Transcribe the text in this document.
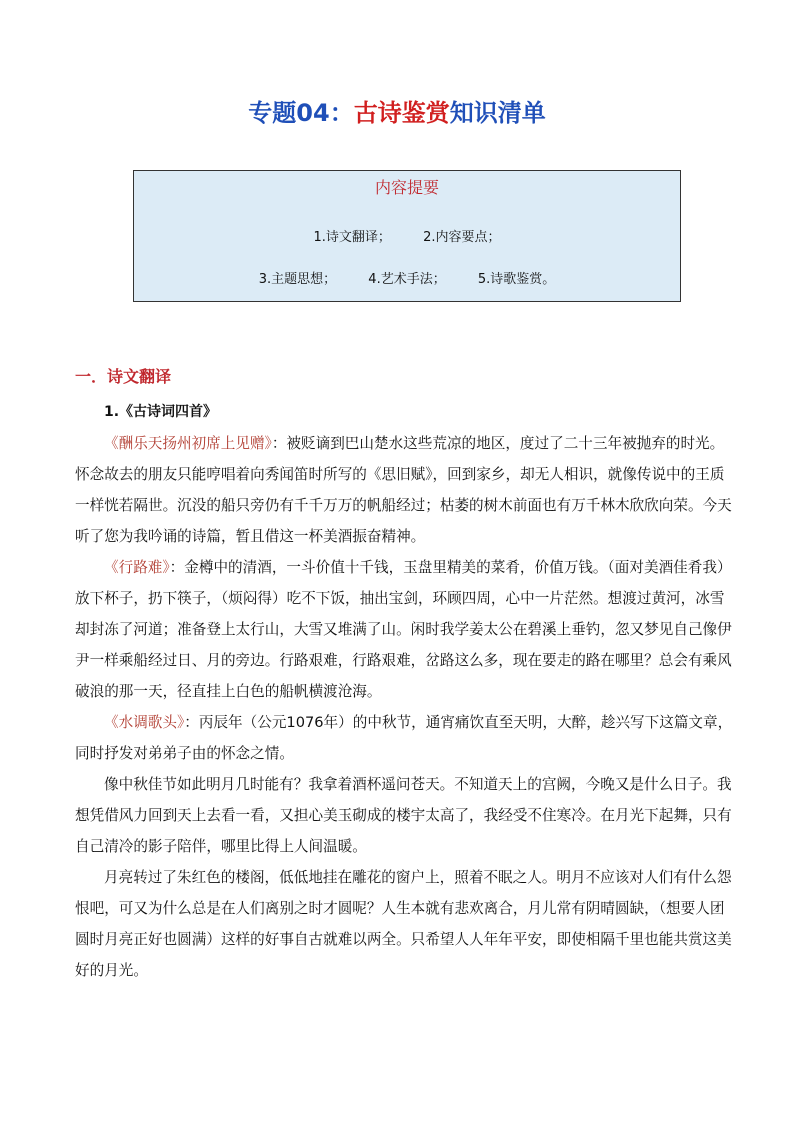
专题04：古诗鉴赏知识清单
内容提要
1.诗文翻译； 2.内容要点；
3.主题思想； 4.艺术手法； 5.诗歌鉴赏。
一．诗文翻译
1.《古诗词四首》

《酬乐天扬州初席上见赠》：被贬谪到巴山楚水这些荒凉的地区，度过了二十三年被抛弃的时光。怀念故去的朋友只能哼唱着向秀闻笛时所写的《思旧赋》，回到家乡，却无人相识，就像传说中的王质一样恍若隔世。沉没的船只旁仍有千千万万的帆船经过；枯萎的树木前面也有万千林木欣欣向荣。今天听了您为我吟诵的诗篇，暂且借这一杯美酒振奋精神。

《行路难》：金樽中的清酒，一斗价值十千钱，玉盘里精美的菜肴，价值万钱。（面对美酒佳肴我）放下杯子，扔下筷子，（烦闷得）吃不下饭，抽出宝剑，环顾四周，心中一片茫然。想渡过黄河，冰雪却封冻了河道；准备登上太行山，大雪又堆满了山。闲时我学姜太公在碧溪上垂钓，忽又梦见自己像伊尹一样乘船经过日、月的旁边。行路艰难，行路艰难，岔路这么多，现在要走的路在哪里？总会有乘风破浪的那一天，径直挂上白色的船帆横渡沧海。

《水调歌头》：丙辰年（公元1076年）的中秋节，通宵痛饮直至天明，大醉，趁兴写下这篇文章，同时抒发对弟弟子由的怀念之情。

像中秋佳节如此明月几时能有？我拿着酒杯遥问苍天。不知道天上的宫阙，今晚又是什么日子。我想凭借风力回到天上去看一看，又担心美玉砌成的楼宇太高了，我经受不住寒冷。在月光下起舞，只有自己清冷的影子陪伴，哪里比得上人间温暖。

月亮转过了朱红色的楼阁，低低地挂在雕花的窗户上，照着不眠之人。明月不应该对人们有什么怨恨吧，可又为什么总是在人们离别之时才圆呢？人生本就有悲欢离合，月儿常有阴晴圆缺，（想要人团圆时月亮正好也圆满）这样的好事自古就难以两全。只希望人人年年平安，即使相隔千里也能共赏这美好的月光。
